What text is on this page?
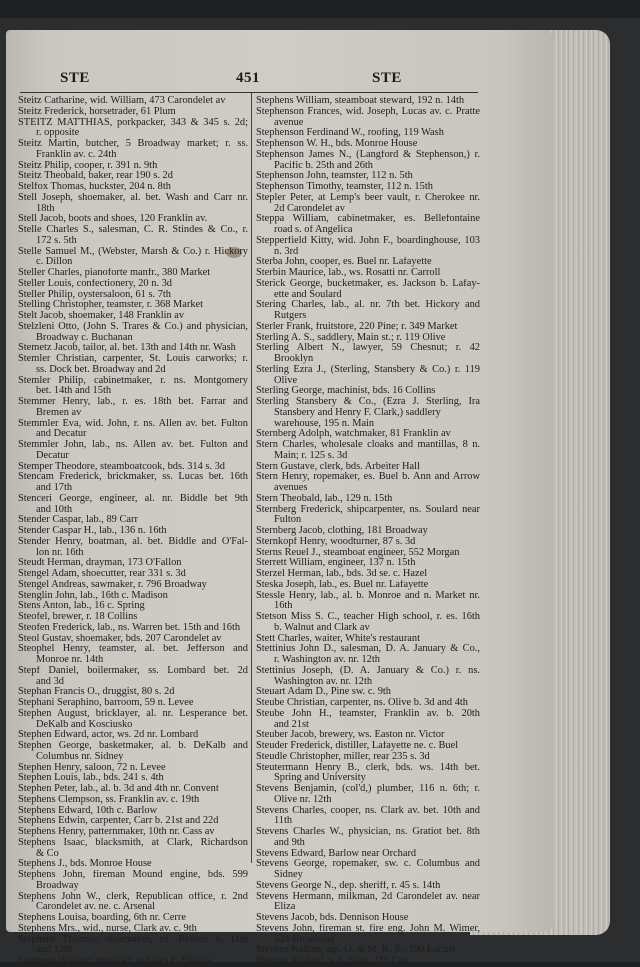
STE	451	STE
Steitz Catharine, wid. William, 473 Carondelet av
Steitz Frederick, horsetrader, 61 Plum
STEITZ MATTHIAS, porkpacker, 343 & 345 s. 2d;
r. opposite
Steitz Martin, butcher, 5 Broadway market; r. ss.
Franklin av. c. 24th
Steitz Philip, cooper, r. 391 n. 9th
Steitz Theobald, baker, rear 190 s. 2d
Stelfox Thomas, huckster, 204 n. 8th
Stell Joseph, shoemaker, al. bet. Wash and Carr nr.
18th
Stell Jacob, boots and shoes, 120 Franklin av.
Stelle Charles S., salesman, C. R. Stindes & Co., r.
172 s. 5th
Stelle Samuel M., (Webster, Marsh & Co.) r. Hickory
c. Dillon
Steller Charles, pianoforte manfr., 380 Market
Steller Louis, confectionery, 20 n. 3d
Steller Philip, oystersaloon, 61 s. 7th
Stelling Christopher, teamster, r. 368 Market
Stelt Jacob, shoemaker, 148 Franklin av
Stelzleni Otto, (John S. Trares & Co.) and physician,
Broadway c. Buchanan
Stemetz Jacob, tailor, al. bet. 13th and 14th nr. Wash
Stemler Christian, carpenter, St. Louis carworks; r.
ss. Dock bet. Broadway and 2d
Stemler Philip, cabinetmaker, r. ns. Montgomery
bet. 14th and 15th
Stemmer Henry, lab., r. es. 18th bet. Farrar and
Bremen av
Stemmler Eva, wid. John, r. ns. Allen av. bet. Fulton
and Decatur
Stemmler John, lab., ns. Allen av. bet. Fulton and
Decatur
Stemper Theodore, steamboatcook, bds. 314 s. 3d
Stencam Frederick, brickmaker, ss. Lucas bet. 16th
and 17th
Stenceri George, engineer, al. nr. Biddle bet 9th
and 10th
Stender Caspar, lab., 89 Carr
Stender Caspar H., lab., 136 n. 16th
Stender Henry, boatman, al. bet. Biddle and O'Fal-
lon nr. 16th
Steudt Herman, drayman, 173 O'Fallon
Stengel Adam, shoecutter, rear 331 s. 3d
Stengel Andreas, sawmaker, r. 796 Broadway
Stenglin John, lab., 16th c. Madison
Stens Anton, lab., 16 c. Spring
Steofel, brewer, r. 18 Collins
Steofen Frederick, lab., ns. Warren bet. 15th and 16th
Steol Gustav, shoemaker, bds. 207 Carondelet av
Steophel Henry, teamster, al. bet. Jefferson and
Monroe nr. 14th
Stepf Daniel, boilermaker, ss. Lombard bet. 2d
and 3d
Stephan Francis O., druggist, 80 s. 2d
Stephani Seraphino, barroom, 59 n. Levee
Stephen August, bricklayer, al. nr. Lesperance bet.
DeKalb and Kosciusko
Stephen Edward, actor, ws. 2d nr. Lombard
Stephen George, basketmaker, al. b. DeKalb and
Columbus nr. Sidney
Stephen Henry, saloon, 72 n. Levee
Stephen Louis, lab., bds. 241 s. 4th
Stephen Peter, lab., al. b. 3d and 4th nr. Convent
Stephens Clempson, ss. Franklin av. c. 19th
Stephens Edward, 10th c. Barlow
Stephens Edwin, carpenter, Carr b. 21st and 22d
Stephens Henry, patternmaker, 10th nr. Cass av
Stephens Isaac, blacksmith, at Clark, Richardson
& Co
Stephens J., bds. Monroe House
Stephens John, fireman Mound engine, bds. 599
Broadway
Stephens John W., clerk, Republican office, r. 2nd
Carondelet av. ne. c. Arsenal
Stephens Louisa, boarding, 6th nr. Cerre
Stephens Mrs., wid., nurse, Clark av. c. 9th
Stephens Thomas, shoemaker, ns. Benton b. 11th
and 12th
Stephens William, moulder, at Giles F. Filley's
Stephens William, steamboat steward, 192 n. 14th
Stephenson Frances, wid. Joseph, Lucas av. c. Pratte
avenue
Stephenson Ferdinand W., roofing, 119 Wash
Stephenson W. H., bds. Monroe House
Stephenson James N., (Langford & Stephenson,) r.
Pacific b. 25th and 26th
Stephenson John, teamster, 112 n. 5th
Stephenson Timothy, teamster, 112 n. 15th
Stepler Peter, at Lemp's beer vault, r. Cherokee nr.
2d Carondelet av
Steppa William, cabinetmaker, es. Bellefontaine
road s. of Angelica
Stepperfield Kitty, wid. John F., boardinghouse, 103
n. 3rd
Sterba John, cooper, es. Buel nr. Lafayette
Sterbin Maurice, lab., ws. Rosatti nr. Carroll
Sterick George, bucketmaker, es. Jackson b. Lafay-
ette and Soulard
Stering Charles, lab., al. nr. 7th bet. Hickory and
Rutgers
Sterler Frank, fruitstore, 220 Pine; r. 349 Market
Sterling A. S., saddlery, Main st.; r. 119 Olive
Sterling Albert N., lawyer, 59 Chesnut; r. 42
Brooklyn
Sterling Ezra J., (Sterling, Stansbery & Co.) r. 119
Olive
Sterling George, machinist, bds. 16 Collins
Sterling Stansbery & Co., (Ezra J. Sterling, Ira
Stansbery and Henry F. Clark,) saddlery
warehouse, 195 n. Main
Sternberg Adolph, watchmaker, 81 Franklin av
Stern Charles, wholesale cloaks and mantillas, 8 n.
Main; r. 125 s. 3d
Stern Gustave, clerk, bds. Arbeiter Hall
Stern Henry, ropemaker, es. Buel b. Ann and Arrow
avenues
Stern Theobald, lab., 129 n. 15th
Sternberg Frederick, shipcarpenter, ns. Soulard near
Fulton
Sternberg Jacob, clothing, 181 Broadway
Sternkopf Henry, woodturner, 87 s. 3d
Sterns Reuel J., steamboat engineer, 552 Morgan
Sterrett William, engineer, 137 n. 15th
Sterzel Herman, lab., bds. 3d se. c. Hazel
Steska Joseph, lab., es. Buel nr. Lafayette
Stessle Henry, lab., al. b. Monroe and n. Market nr.
16th
Stetson Miss S. C., teacher High school, r. es. 16th
b. Walnut and Clark av
Stett Charles, waiter, White's restaurant
Stettinius John D., salesman, D. A. January & Co.,
r. Washington av. nr. 12th
Stettinius Joseph, (D. A. January & Co.) r. ns.
Washington av. nr. 12th
Steuart Adam D., Pine sw. c. 9th
Steube Christian, carpenter, ns. Olive b. 3d and 4th
Steube John H., teamster, Franklin av. b. 20th
and 21st
Steuber Jacob, brewery, ws. Easton nr. Victor
Steuder Frederick, distiller, Lafayette ne. c. Buel
Steudle Christopher, miller, rear 235 s. 3d
Steutermann Henry B., clerk, bds. ws. 14th bet.
Spring and University
Stevens Benjamin, (col'd,) plumber, 116 n. 6th; r.
Olive nr. 12th
Stevens Charles, cooper, ns. Clark av. bet. 10th and
11th
Stevens Charles W., physician, ns. Gratiot bet. 8th
and 9th
Stevens Edward, Barlow near Orchard
Stevens George, ropemaker, sw. c. Columbus and
Sidney
Stevens George N., dep. sheriff, r. 45 s. 14th
Stevens Hermann, milkman, 2d Carondelet av. near
Eliza
Stevens Jacob, bds. Dennison House
Stevens John, fireman st. fire eng. John M. Wimer,
524 Broadway
Stevens Nathan, agt. O. & M. R. R., 190 Locust
Stevens Richard, s. b. pilot, 239 Carr
